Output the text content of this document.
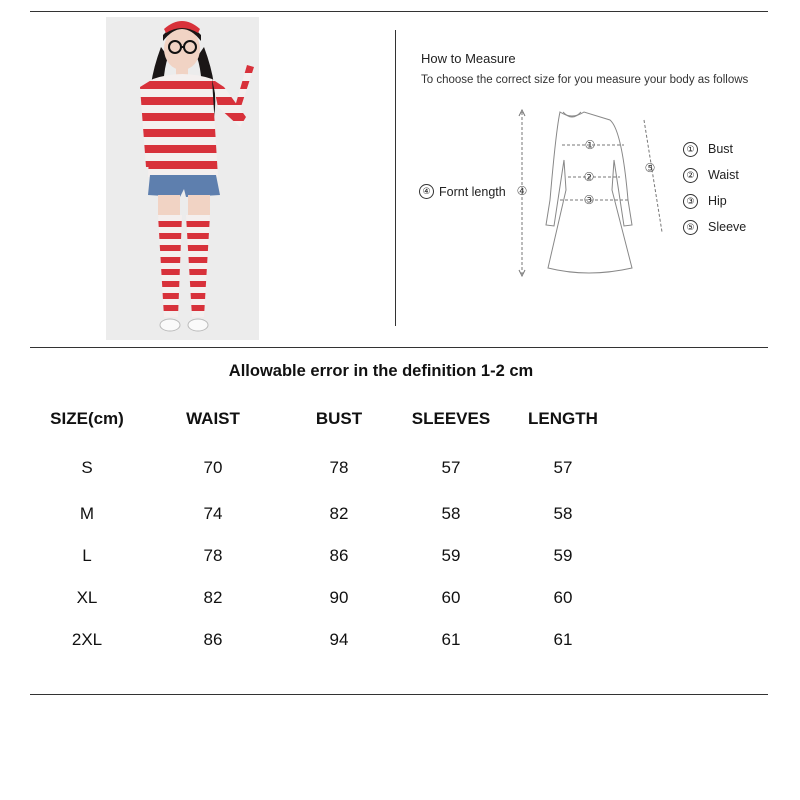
How to Measure
To choose the correct size for you measure your body as follows
④ Fornt length
①
②
③
④
⑤
① Bust
② Waist
③ Hip
⑤ Sleeve
Allowable error in the definition 1-2 cm
SIZE(cm)	WAIST	BUST	SLEEVES	LENGTH
S	70	78	57	57
M	74	82	58	58
L	78	86	59	59
XL	82	90	60	60
2XL	86	94	61	61
